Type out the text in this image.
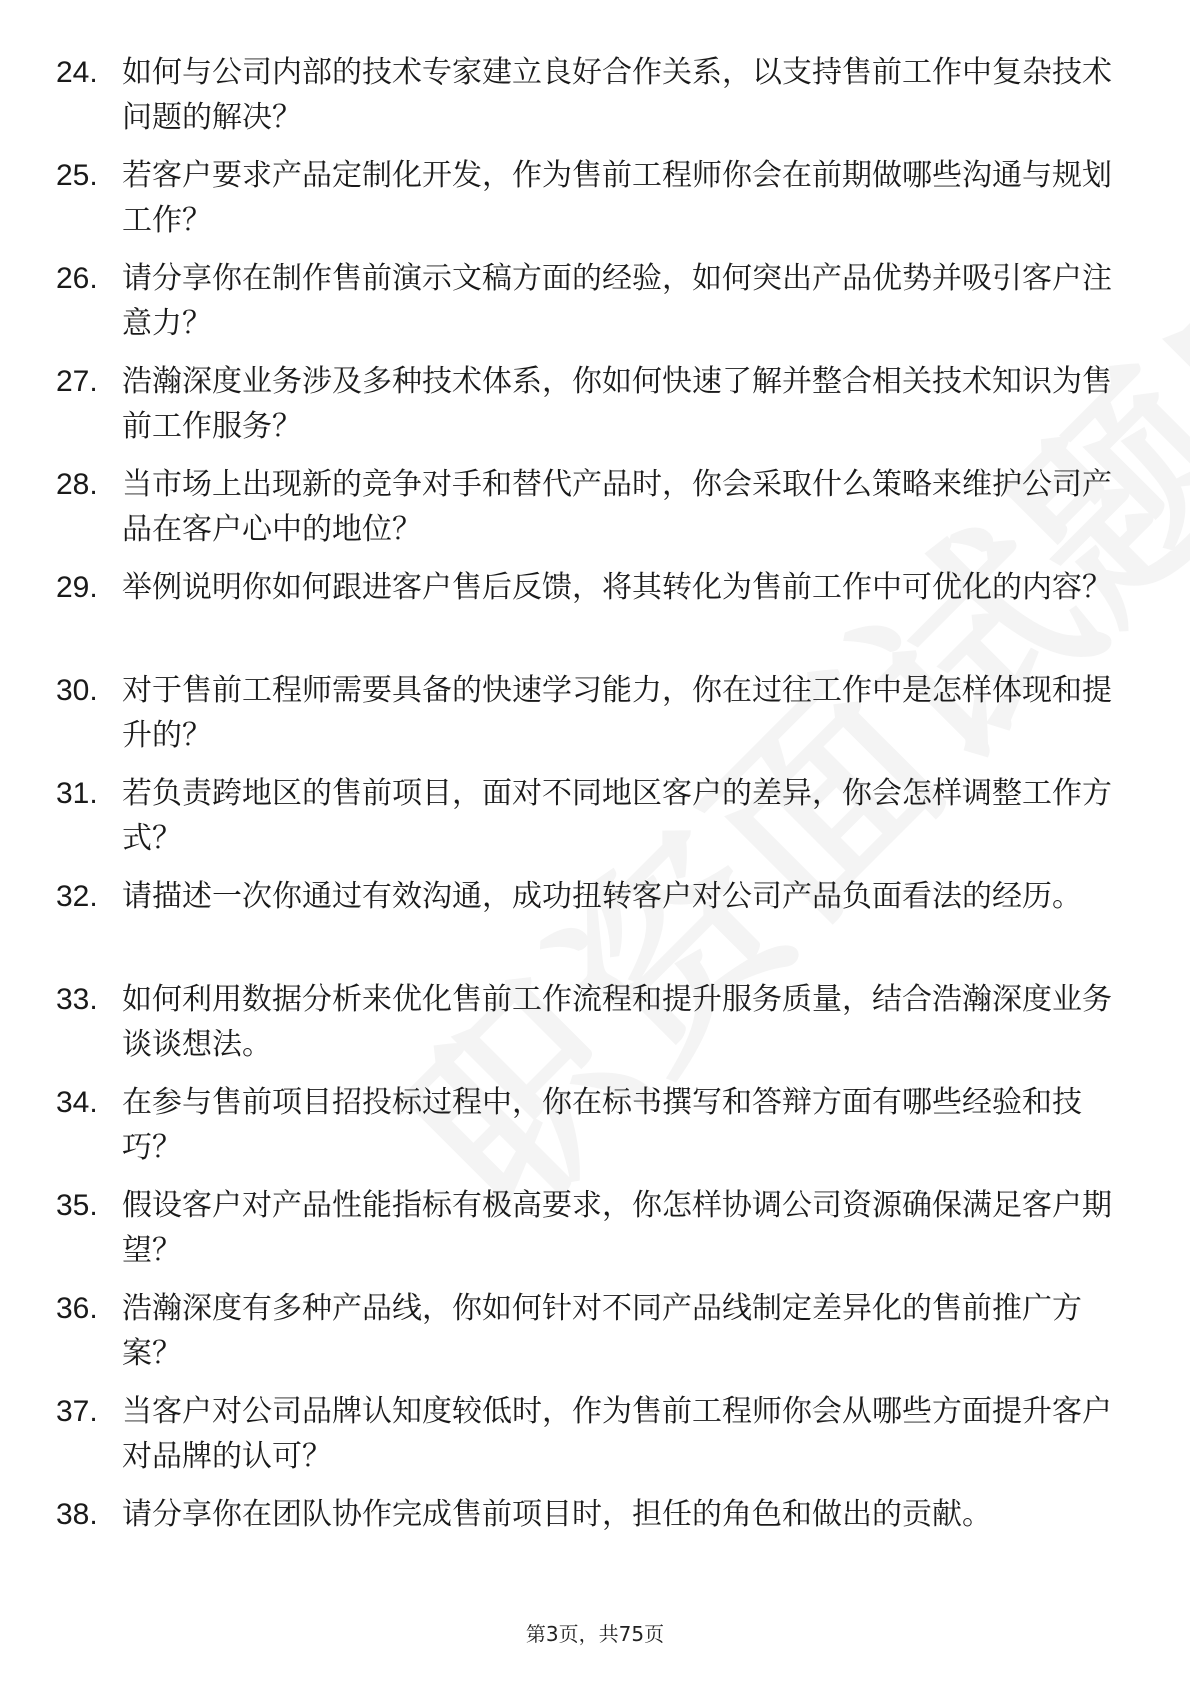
24. 如何与公司内部的技术专家建立良好合作关系，以支持售前工作中复杂技术问题的解决？
25. 若客户要求产品定制化开发，作为售前工程师你会在前期做哪些沟通与规划工作？
26. 请分享你在制作售前演示文稿方面的经验，如何突出产品优势并吸引客户注意力？
27. 浩瀚深度业务涉及多种技术体系，你如何快速了解并整合相关技术知识为售前工作服务？
28. 当市场上出现新的竞争对手和替代产品时，你会采取什么策略来维护公司产品在客户心中的地位？
29. 举例说明你如何跟进客户售后反馈，将其转化为售前工作中可优化的内容？
30. 对于售前工程师需要具备的快速学习能力，你在过往工作中是怎样体现和提升的？
31. 若负责跨地区的售前项目，面对不同地区客户的差异，你会怎样调整工作方式？
32. 请描述一次你通过有效沟通，成功扭转客户对公司产品负面看法的经历。
33. 如何利用数据分析来优化售前工作流程和提升服务质量，结合浩瀚深度业务谈谈想法。
34. 在参与售前项目招投标过程中，你在标书撰写和答辩方面有哪些经验和技巧？
35. 假设客户对产品性能指标有极高要求，你怎样协调公司资源确保满足客户期望？
36. 浩瀚深度有多种产品线，你如何针对不同产品线制定差异化的售前推广方案？
37. 当客户对公司品牌认知度较低时，作为售前工程师你会从哪些方面提升客户对品牌的认可？
38. 请分享你在团队协作完成售前项目时，担任的角色和做出的贡献。
第3页，共75页
